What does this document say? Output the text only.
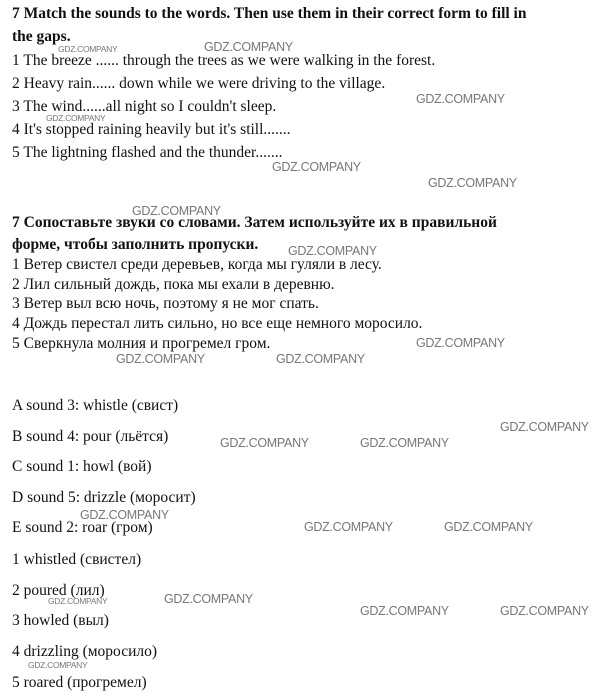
7 Match the sounds to the words. Then use them in their correct form to fill in
the gaps.
1 The breeze ...... through the trees as we were walking in the forest.
2 Heavy rain...... down while we were driving to the village.
3 The wind......all night so I couldn't sleep.
4 It's stopped raining heavily but it's still.......
5 The lightning flashed and the thunder.......
7 Сопоставьте звуки со словами. Затем используйте их в правильной
форме, чтобы заполнить пропуски.
1 Ветер свистел среди деревьев, когда мы гуляли в лесу.
2 Лил сильный дождь, пока мы ехали в деревню.
3 Ветер выл всю ночь, поэтому я не мог спать.
4 Дождь перестал лить сильно, но все еще немного моросило.
5 Сверкнула молния и прогремел гром.
A sound 3: whistle (свист)
B sound 4: pour (льётся)
C sound 1: howl (вой)
D sound 5: drizzle (моросит)
E sound 2: roar (гром)
1 whistled (свистел)
2 poured (лил)
3 howled (выл)
4 drizzling (моросило)
5 roared (прогремел)
GDZ.COMPANY	GDZ.COMPANY
GDZ.COMPANY
GDZ.COMPANY
GDZ.COMPANY
GDZ.COMPANY
GDZ.COMPANY
GDZ.COMPANY
GDZ.COMPANY
GDZ.COMPANY	GDZ.COMPANY
GDZ.COMPANY
GDZ.COMPANY	GDZ.COMPANY
GDZ.COMPANY
GDZ.COMPANY	GDZ.COMPANY
GDZ.COMPANY	GDZ.COMPANY
GDZ.COMPANY	GDZ.COMPANY
GDZ.COMPANY
